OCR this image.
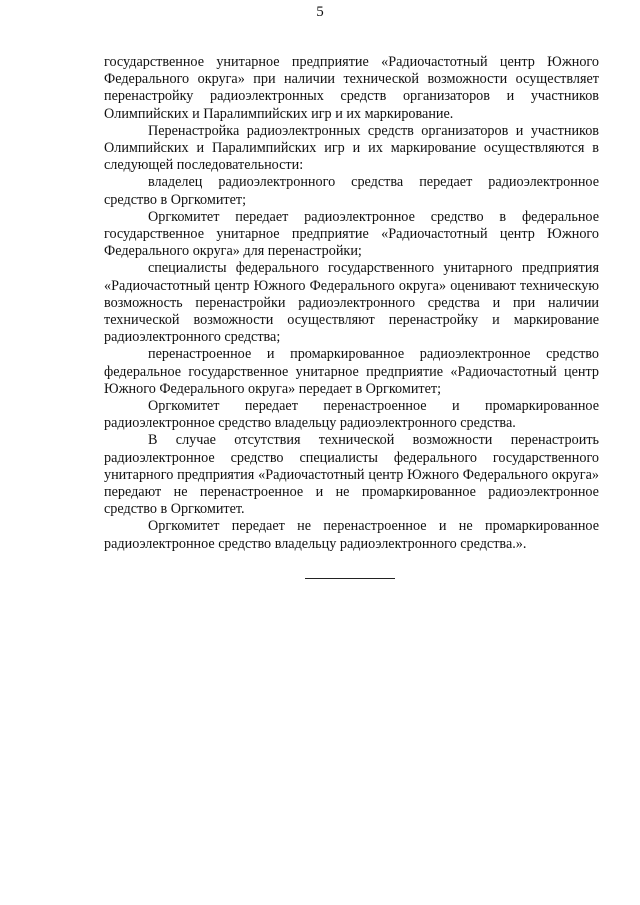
5

государственное унитарное предприятие «Радиочастотный центр Южного Федерального округа» при наличии технической возможности осуществляет перенастройку радиоэлектронных средств организаторов и участников Олимпийских и Паралимпийских игр и их маркирование.

Перенастройка радиоэлектронных средств организаторов и участников Олимпийских и Паралимпийских игр и их маркирование осуществляются в следующей последовательности:

владелец радиоэлектронного средства передает радиоэлектронное средство в Оргкомитет;

Оргкомитет передает радиоэлектронное средство в федеральное государственное унитарное предприятие «Радиочастотный центр Южного Федерального округа» для перенастройки;

специалисты федерального государственного унитарного предприятия «Радиочастотный центр Южного Федерального округа» оценивают техническую возможность перенастройки радиоэлектронного средства и при наличии технической возможности осуществляют перенастройку и маркирование радиоэлектронного средства;

перенастроенное и промаркированное радиоэлектронное средство федеральное государственное унитарное предприятие «Радиочастотный центр Южного Федерального округа» передает в Оргкомитет;

Оргкомитет передает перенастроенное и промаркированное радиоэлектронное средство владельцу радиоэлектронного средства.

В случае отсутствия технической возможности перенастроить радиоэлектронное средство специалисты федерального государственного унитарного предприятия «Радиочастотный центр Южного Федерального округа» передают не перенастроенное и не промаркированное радиоэлектронное средство в Оргкомитет.

Оргкомитет передает не перенастроенное и не промаркированное радиоэлектронное средство владельцу радиоэлектронного средства.».
